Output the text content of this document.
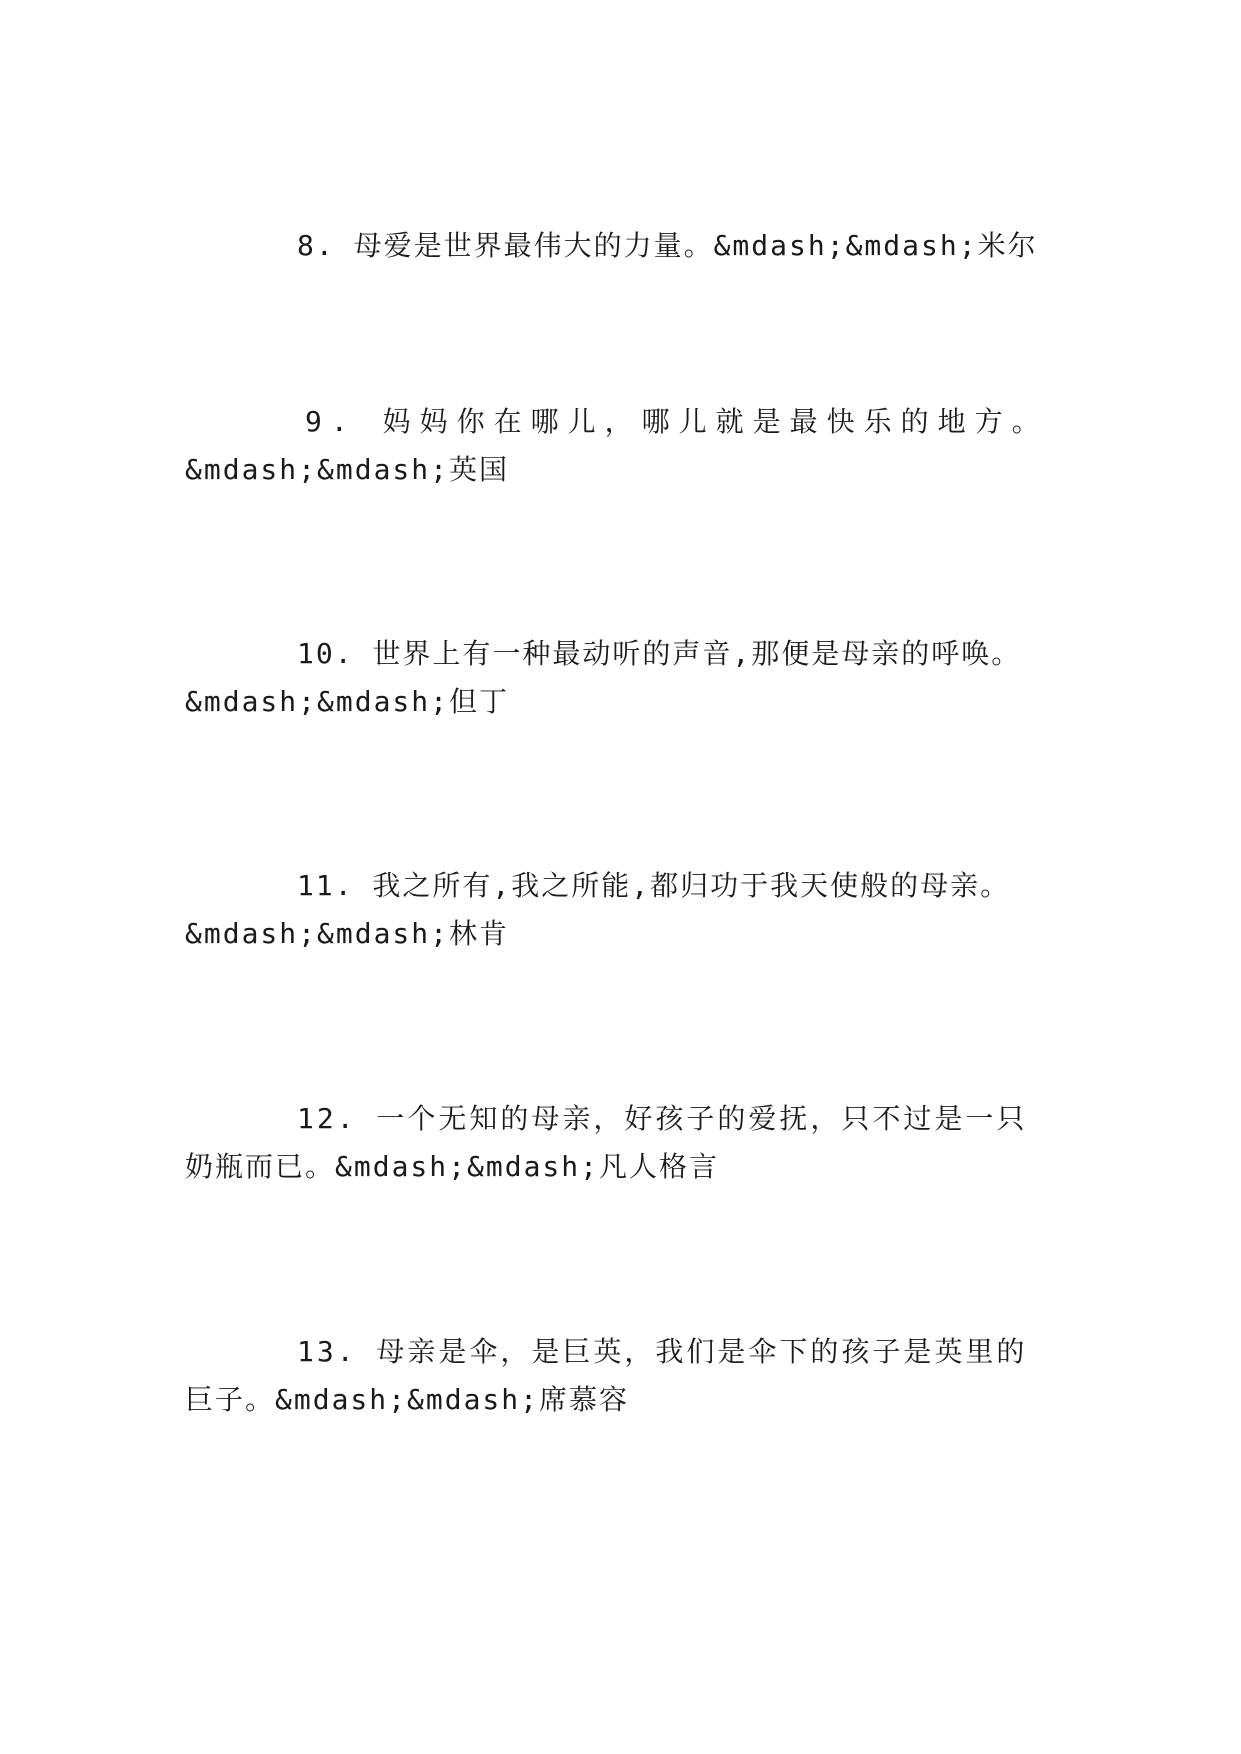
8. 母爱是世界最伟大的力量。&mdash;&mdash;米尔

9. 妈妈你在哪儿，哪儿就是最快乐的地方。
&mdash;&mdash;英国

10. 世界上有一种最动听的声音,那便是母亲的呼唤。
&mdash;&mdash;但丁

11. 我之所有,我之所能,都归功于我天使般的母亲。
&mdash;&mdash;林肯

12. 一个无知的母亲，好孩子的爱抚，只不过是一只
奶瓶而已。&mdash;&mdash;凡人格言

13. 母亲是伞，是巨英，我们是伞下的孩子是英里的
巨子。&mdash;&mdash;席慕容
